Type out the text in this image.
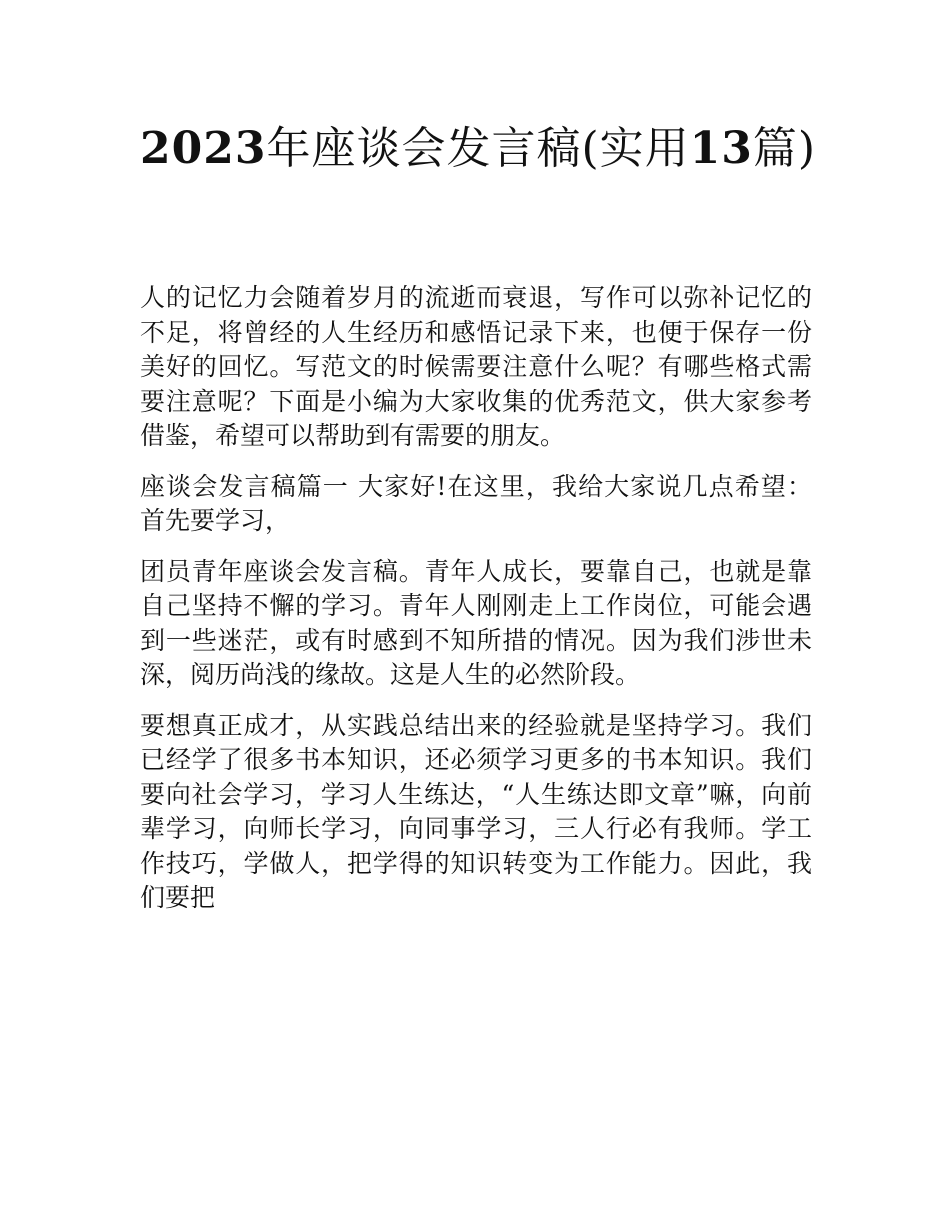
2023年座谈会发言稿(实用13篇)

人的记忆力会随着岁月的流逝而衰退，写作可以弥补记忆的不足，将曾经的人生经历和感悟记录下来，也便于保存一份美好的回忆。写范文的时候需要注意什么呢？有哪些格式需要注意呢？下面是小编为大家收集的优秀范文，供大家参考借鉴，希望可以帮助到有需要的朋友。

座谈会发言稿篇一 大家好!在这里，我给大家说几点希望： 首先要学习，

团员青年座谈会发言稿。青年人成长，要靠自己，也就是靠自己坚持不懈的学习。青年人刚刚走上工作岗位，可能会遇到一些迷茫，或有时感到不知所措的情况。因为我们涉世未深，阅历尚浅的缘故。这是人生的必然阶段。

要想真正成才，从实践总结出来的经验就是坚持学习。我们已经学了很多书本知识，还必须学习更多的书本知识。我们要向社会学习，学习人生练达，“人生练达即文章”嘛，向前辈学习，向师长学习，向同事学习，三人行必有我师。学工作技巧，学做人，把学得的知识转变为工作能力。因此，我们要把
